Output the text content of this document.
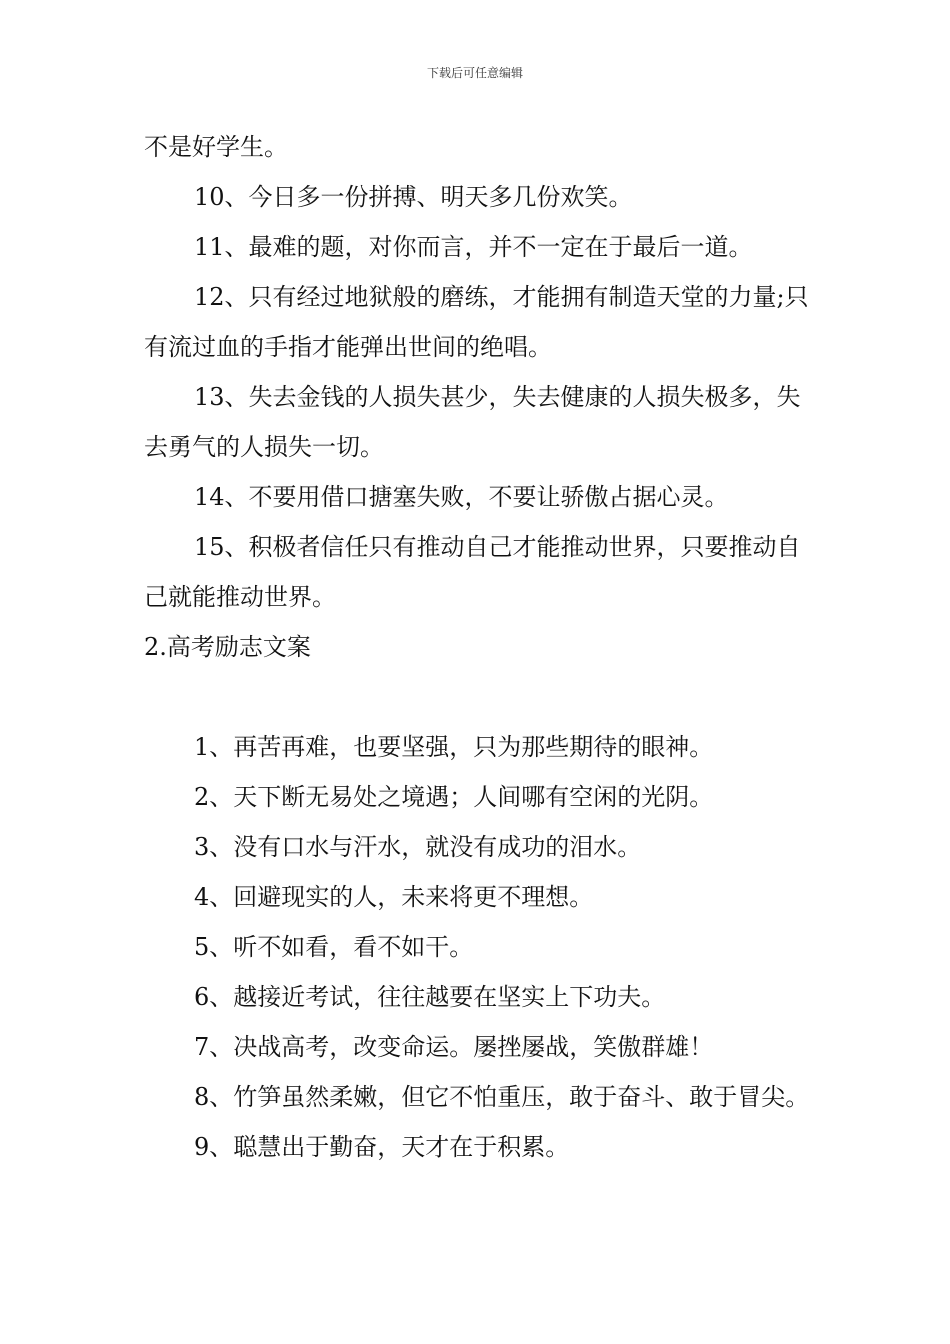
下载后可任意编辑

不是好学生。

10、今日多一份拼搏、明天多几份欢笑。

11、最难的题，对你而言，并不一定在于最后一道。

12、只有经过地狱般的磨练，才能拥有制造天堂的力量;只有流过血的手指才能弹出世间的绝唱。

13、失去金钱的人损失甚少，失去健康的人损失极多，失去勇气的人损失一切。

14、不要用借口搪塞失败，不要让骄傲占据心灵。

15、积极者信任只有推动自己才能推动世界，只要推动自己就能推动世界。

2.高考励志文案

1、再苦再难，也要坚强，只为那些期待的眼神。

2、天下断无易处之境遇；人间哪有空闲的光阴。

3、没有口水与汗水，就没有成功的泪水。

4、回避现实的人，未来将更不理想。

5、听不如看，看不如干。

6、越接近考试，往往越要在坚实上下功夫。

7、决战高考，改变命运。屡挫屡战，笑傲群雄！

8、竹笋虽然柔嫩，但它不怕重压，敢于奋斗、敢于冒尖。

9、聪慧出于勤奋，天才在于积累。
